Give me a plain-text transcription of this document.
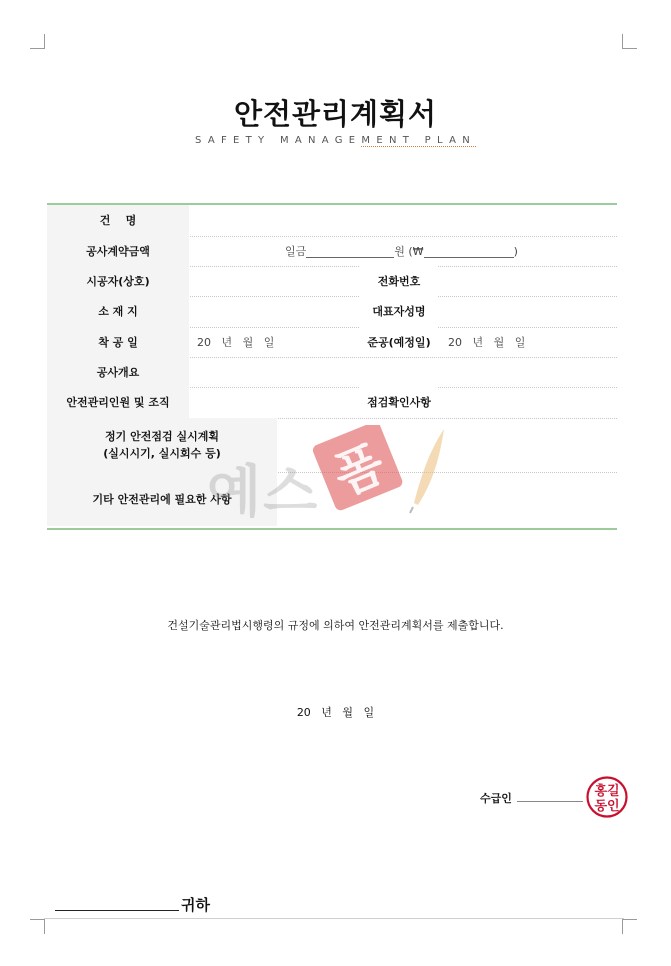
안전관리계획서
SAFETY MANAGEMENT PLAN
건    명
공사계약금액	일금	원 (₩	)
시공자(상호)	전화번호
소 재 지	대표자성명
착 공 일	20   년   월   일	준공(예정일)	20   년   월   일
공사개요
안전관리인원 및 조직	점검확인사항
정기 안전점검 실시계획
(실시시기, 실시회수 등)
기타 안전관리에 필요한 사항
예스 폼
건설기술관리법시행령의 규정에 의하여 안전관리계획서를 제출합니다.
20   년   월   일
수급인	홍길
동인
귀하
